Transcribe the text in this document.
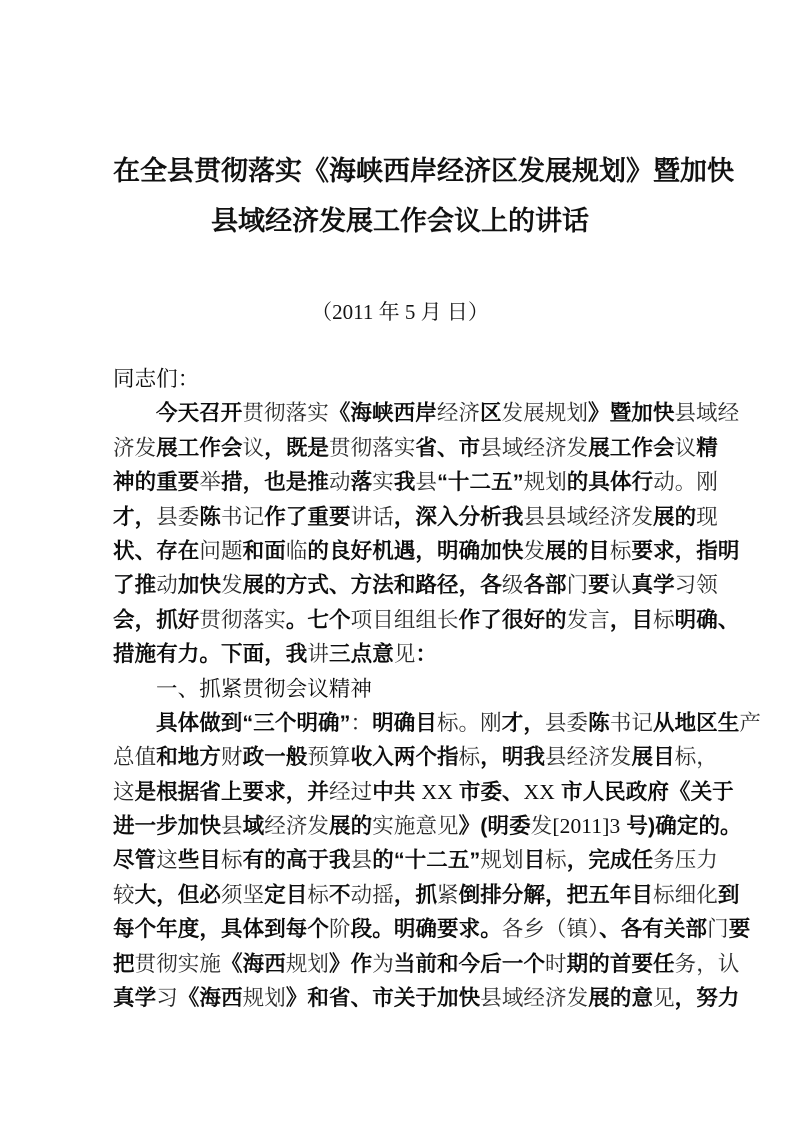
在全县贯彻落实《海峡西岸经济区发展规划》暨加快
县域经济发展工作会议上的讲话
（2011 年 5 月 日）
同志们：
今天召开贯彻落实《海峡西岸经济区发展规划》暨加快县域经
济发展工作会议，既是贯彻落实省、市县域经济发展工作会议精
神的重要举措，也是推动落实我县“十二五”规划的具体行动。刚
才，县委陈书记作了重要讲话，深入分析我县县域经济发展的现
状、存在问题和面临的良好机遇，明确加快发展的目标要求，指明
了推动加快发展的方式、方法和路径，各级各部门要认真学习领
会，抓好贯彻落实。七个项目组组长作了很好的发言，目标明确、
措施有力。下面，我讲三点意见：
一、抓紧贯彻会议精神
具体做到“三个明确”：明确目标。刚才，县委陈书记从地区生产
总值和地方财政一般预算收入两个指标，明我县经济发展目标，
这是根据省上要求，并经过中共 XX 市委、XX 市人民政府《关于
进一步加快县域经济发展的实施意见》(明委发[2011]3 号)确定的。
尽管这些目标有的高于我县的“十二五”规划目标，完成任务压力
较大，但必须坚定目标不动摇，抓紧倒排分解，把五年目标细化到
每个年度，具体到每个阶段。明确要求。各乡（镇）、各有关部门要
把贯彻实施《海西规划》作为当前和今后一个时期的首要任务，认
真学习《海西规划》和省、市关于加快县域经济发展的意见，努力
